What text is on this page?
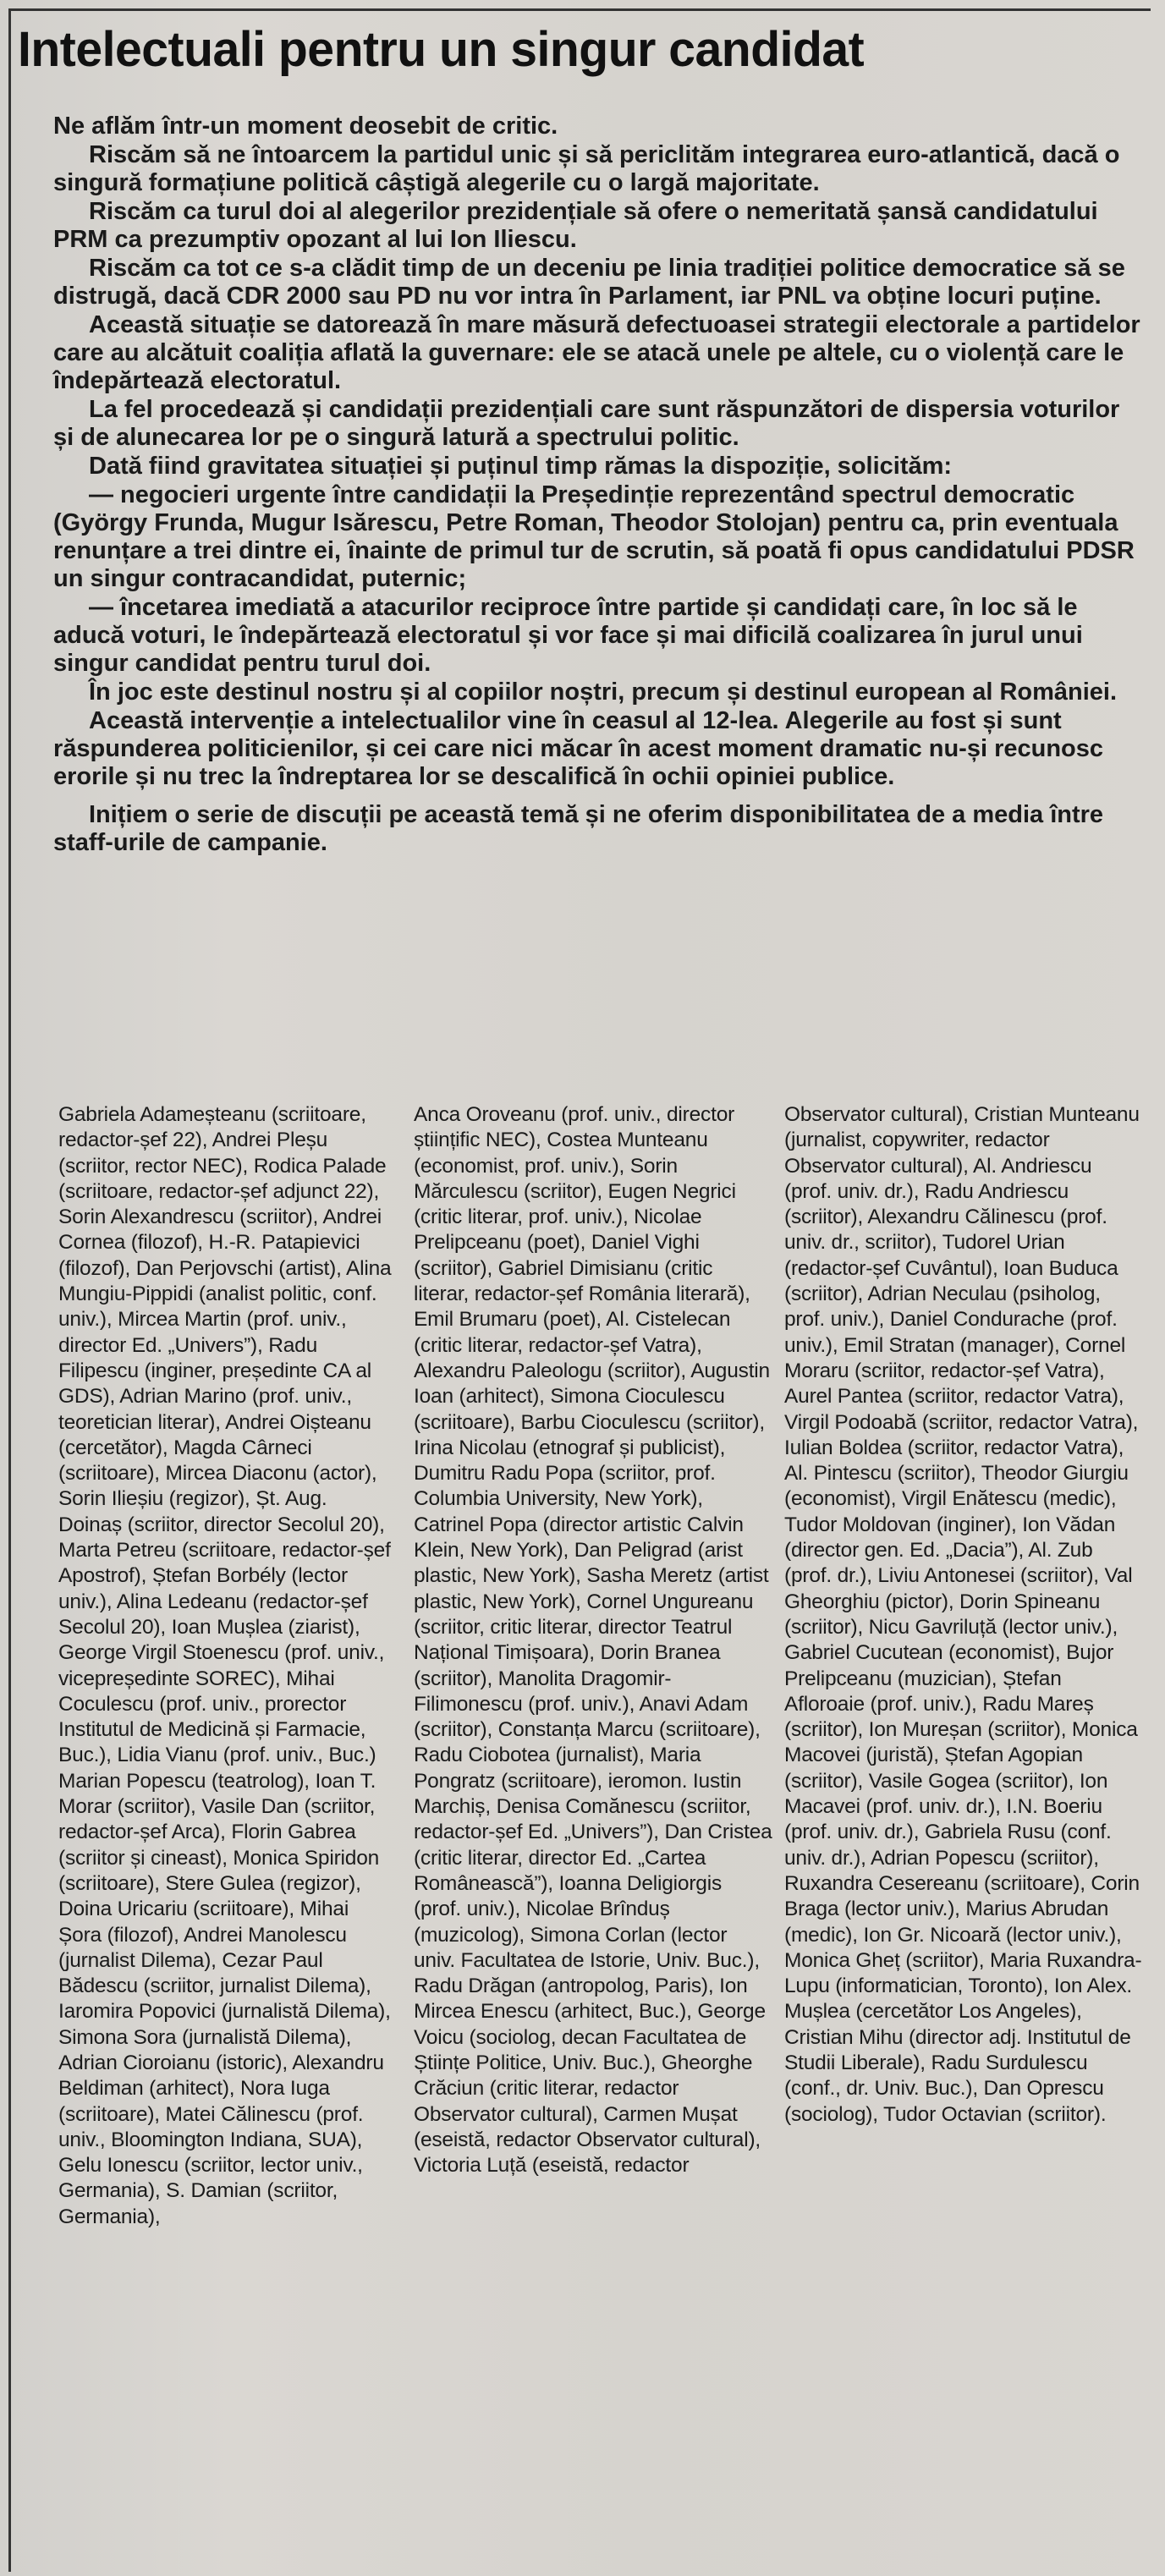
Intelectuali pentru un singur candidat

Ne aflăm într-un moment deosebit de critic.

Riscăm să ne întoarcem la partidul unic și să periclităm integrarea euro-atlantică, dacă o singură formațiune politică câștigă alegerile cu o largă majoritate.

Riscăm ca turul doi al alegerilor prezidențiale să ofere o nemeritată șansă candidatului PRM ca prezumptiv opozant al lui Ion Iliescu.

Riscăm ca tot ce s-a clădit timp de un deceniu pe linia tradiției politice democratice să se distrugă, dacă CDR 2000 sau PD nu vor intra în Parlament, iar PNL va obține locuri puține.

Această situație se datorează în mare măsură defectuoasei strategii electorale a partidelor care au alcătuit coaliția aflată la guvernare: ele se atacă unele pe altele, cu o violență care le îndepărtează electoratul.

La fel procedează și candidații prezidențiali care sunt răspunzători de dispersia voturilor și de alunecarea lor pe o singură latură a spectrului politic.

Dată fiind gravitatea situației și puținul timp rămas la dispoziție, solicităm:

— negocieri urgente între candidații la Președinție reprezentând spectrul democratic (György Frunda, Mugur Isărescu, Petre Roman, Theodor Stolojan) pentru ca, prin eventuala renunțare a trei dintre ei, înainte de primul tur de scrutin, să poată fi opus candidatului PDSR un singur contracandidat, puternic;

— încetarea imediată a atacurilor reciproce între partide și candidați care, în loc să le aducă voturi, le îndepărtează electoratul și vor face și mai dificilă coalizarea în jurul unui singur candidat pentru turul doi.

În joc este destinul nostru și al copiilor noștri, precum și destinul european al României.

Această intervenție a intelectualilor vine în ceasul al 12-lea. Alegerile au fost și sunt răspunderea politicienilor, și cei care nici măcar în acest moment dramatic nu-și recunosc erorile și nu trec la îndreptarea lor se descalifică în ochii opiniei publice.

Inițiem o serie de discuții pe această temă și ne oferim disponibilitatea de a media între staff-urile de campanie.

Gabriela Adameșteanu (scriitoare, redactor-șef 22), Andrei Pleșu (scriitor, rector NEC), Rodica Palade (scriitoare, redactor-șef adjunct 22), Sorin Alexandrescu (scriitor), Andrei Cornea (filozof), H.-R. Patapievici (filozof), Dan Perjovschi (artist), Alina Mungiu-Pippidi (analist politic, conf. univ.), Mircea Martin (prof. univ., director Ed. „Univers”), Radu Filipescu (inginer, președinte CA al GDS), Adrian Marino (prof. univ., teoretician literar), Andrei Oișteanu (cercetător), Magda Cârneci (scriitoare), Mircea Diaconu (actor), Sorin Ilieșiu (regizor), Șt. Aug. Doinaș (scriitor, director Secolul 20), Marta Petreu (scriitoare, redactor-șef Apostrof), Ștefan Borbély (lector univ.), Alina Ledeanu (redactor-șef Secolul 20), Ioan Mușlea (ziarist), George Virgil Stoenescu (prof. univ., vicepreședinte SOREC), Mihai Coculescu (prof. univ., prorector Institutul de Medicină și Farmacie, Buc.), Lidia Vianu (prof. univ., Buc.) Marian Popescu (teatrolog), Ioan T. Morar (scriitor), Vasile Dan (scriitor, redactor-șef Arca), Florin Gabrea (scriitor și cineast), Monica Spiridon (scriitoare), Stere Gulea (regizor), Doina Uricariu (scriitoare), Mihai Șora (filozof), Andrei Manolescu (jurnalist Dilema), Cezar Paul Bădescu (scriitor, jurnalist Dilema), Iaromira Popovici (jurnalistă Dilema), Simona Sora (jurnalistă Dilema), Adrian Cioroianu (istoric), Alexandru Beldiman (arhitect), Nora Iuga (scriitoare), Matei Călinescu (prof. univ., Bloomington Indiana, SUA), Gelu Ionescu (scriitor, lector univ., Germania), S. Damian (scriitor, Germania),
Anca Oroveanu (prof. univ., director științific NEC), Costea Munteanu (economist, prof. univ.), Sorin Mărculescu (scriitor), Eugen Negrici (critic literar, prof. univ.), Nicolae Prelipceanu (poet), Daniel Vighi (scriitor), Gabriel Dimisianu (critic literar, redactor-șef România literară), Emil Brumaru (poet), Al. Cistelecan (critic literar, redactor-șef Vatra), Alexandru Paleologu (scriitor), Augustin Ioan (arhitect), Simona Cioculescu (scriitoare), Barbu Cioculescu (scriitor), Irina Nicolau (etnograf și publicist), Dumitru Radu Popa (scriitor, prof. Columbia University, New York), Catrinel Popa (director artistic Calvin Klein, New York), Dan Peligrad (arist plastic, New York), Sasha Meretz (artist plastic, New York), Cornel Ungureanu (scriitor, critic literar, director Teatrul Național Timișoara), Dorin Branea (scriitor), Manolita Dragomir-Filimonescu (prof. univ.), Anavi Adam (scriitor), Constanța Marcu (scriitoare), Radu Ciobotea (jurnalist), Maria Pongratz (scriitoare), ieromon. Iustin Marchiș, Denisa Comănescu (scriitor, redactor-șef Ed. „Univers”), Dan Cristea (critic literar, director Ed. „Cartea Românească”), Ioanna Deligiorgis (prof. univ.), Nicolae Brînduș (muzicolog), Simona Corlan (lector univ. Facultatea de Istorie, Univ. Buc.), Radu Drăgan (antropolog, Paris), Ion Mircea Enescu (arhitect, Buc.), George Voicu (sociolog, decan Facultatea de Științe Politice, Univ. Buc.), Gheorghe Crăciun (critic literar, redactor Observator cultural), Carmen Mușat (eseistă, redactor Observator cultural), Victoria Luță (eseistă, redactor
Observator cultural), Cristian Munteanu (jurnalist, copywriter, redactor Observator cultural), Al. Andriescu (prof. univ. dr.), Radu Andriescu (scriitor), Alexandru Călinescu (prof. univ. dr., scriitor), Tudorel Urian (redactor-șef Cuvântul), Ioan Buduca (scriitor), Adrian Neculau (psiholog, prof. univ.), Daniel Condurache (prof. univ.), Emil Stratan (manager), Cornel Moraru (scriitor, redactor-șef Vatra), Aurel Pantea (scriitor, redactor Vatra), Virgil Podoabă (scriitor, redactor Vatra), Iulian Boldea (scriitor, redactor Vatra), Al. Pintescu (scriitor), Theodor Giurgiu (economist), Virgil Enătescu (medic), Tudor Moldovan (inginer), Ion Vădan (director gen. Ed. „Dacia”), Al. Zub (prof. dr.), Liviu Antonesei (scriitor), Val Gheorghiu (pictor), Dorin Spineanu (scriitor), Nicu Gavriluță (lector univ.), Gabriel Cucutean (economist), Bujor Prelipceanu (muzician), Ștefan Afloroaie (prof. univ.), Radu Mareș (scriitor), Ion Mureșan (scriitor), Monica Macovei (juristă), Ștefan Agopian (scriitor), Vasile Gogea (scriitor), Ion Macavei (prof. univ. dr.), I.N. Boeriu (prof. univ. dr.), Gabriela Rusu (conf. univ. dr.), Adrian Popescu (scriitor), Ruxandra Cesereanu (scriitoare), Corin Braga (lector univ.), Marius Abrudan (medic), Ion Gr. Nicoară (lector univ.), Monica Gheț (scriitor), Maria Ruxandra-Lupu (informatician, Toronto), Ion Alex. Mușlea (cercetător Los Angeles), Cristian Mihu (director adj. Institutul de Studii Liberale), Radu Surdulescu (conf., dr. Univ. Buc.), Dan Oprescu (sociolog), Tudor Octavian (scriitor).
